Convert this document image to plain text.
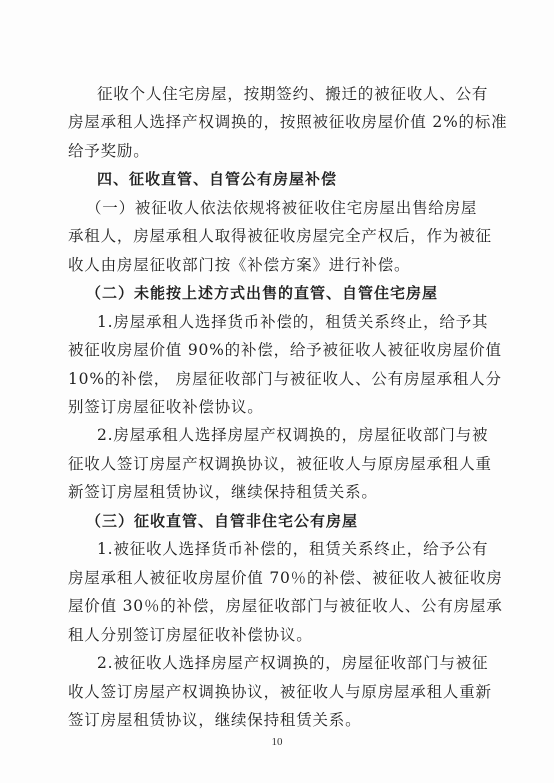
征收个人住宅房屋，按期签约、搬迁的被征收人、公有
房屋承租人选择产权调换的，按照被征收房屋价值 2%的标准
给予奖励。
四、征收直管、自管公有房屋补偿
（一）被征收人依法依规将被征收住宅房屋出售给房屋
承租人，房屋承租人取得被征收房屋完全产权后，作为被征
收人由房屋征收部门按《补偿方案》进行补偿。
（二）未能按上述方式出售的直管、自管住宅房屋
1.房屋承租人选择货币补偿的，租赁关系终止，给予其
被征收房屋价值 90%的补偿，给予被征收人被征收房屋价值
10%的补偿， 房屋征收部门与被征收人、公有房屋承租人分
别签订房屋征收补偿协议。
2.房屋承租人选择房屋产权调换的，房屋征收部门与被
征收人签订房屋产权调换协议，被征收人与原房屋承租人重
新签订房屋租赁协议，继续保持租赁关系。
（三）征收直管、自管非住宅公有房屋
1.被征收人选择货币补偿的，租赁关系终止，给予公有
房屋承租人被征收房屋价值 70％的补偿、被征收人被征收房
屋价值 30％的补偿，房屋征收部门与被征收人、公有房屋承
租人分别签订房屋征收补偿协议。
2.被征收人选择房屋产权调换的，房屋征收部门与被征
收人签订房屋产权调换协议，被征收人与原房屋承租人重新
签订房屋租赁协议，继续保持租赁关系。
10
